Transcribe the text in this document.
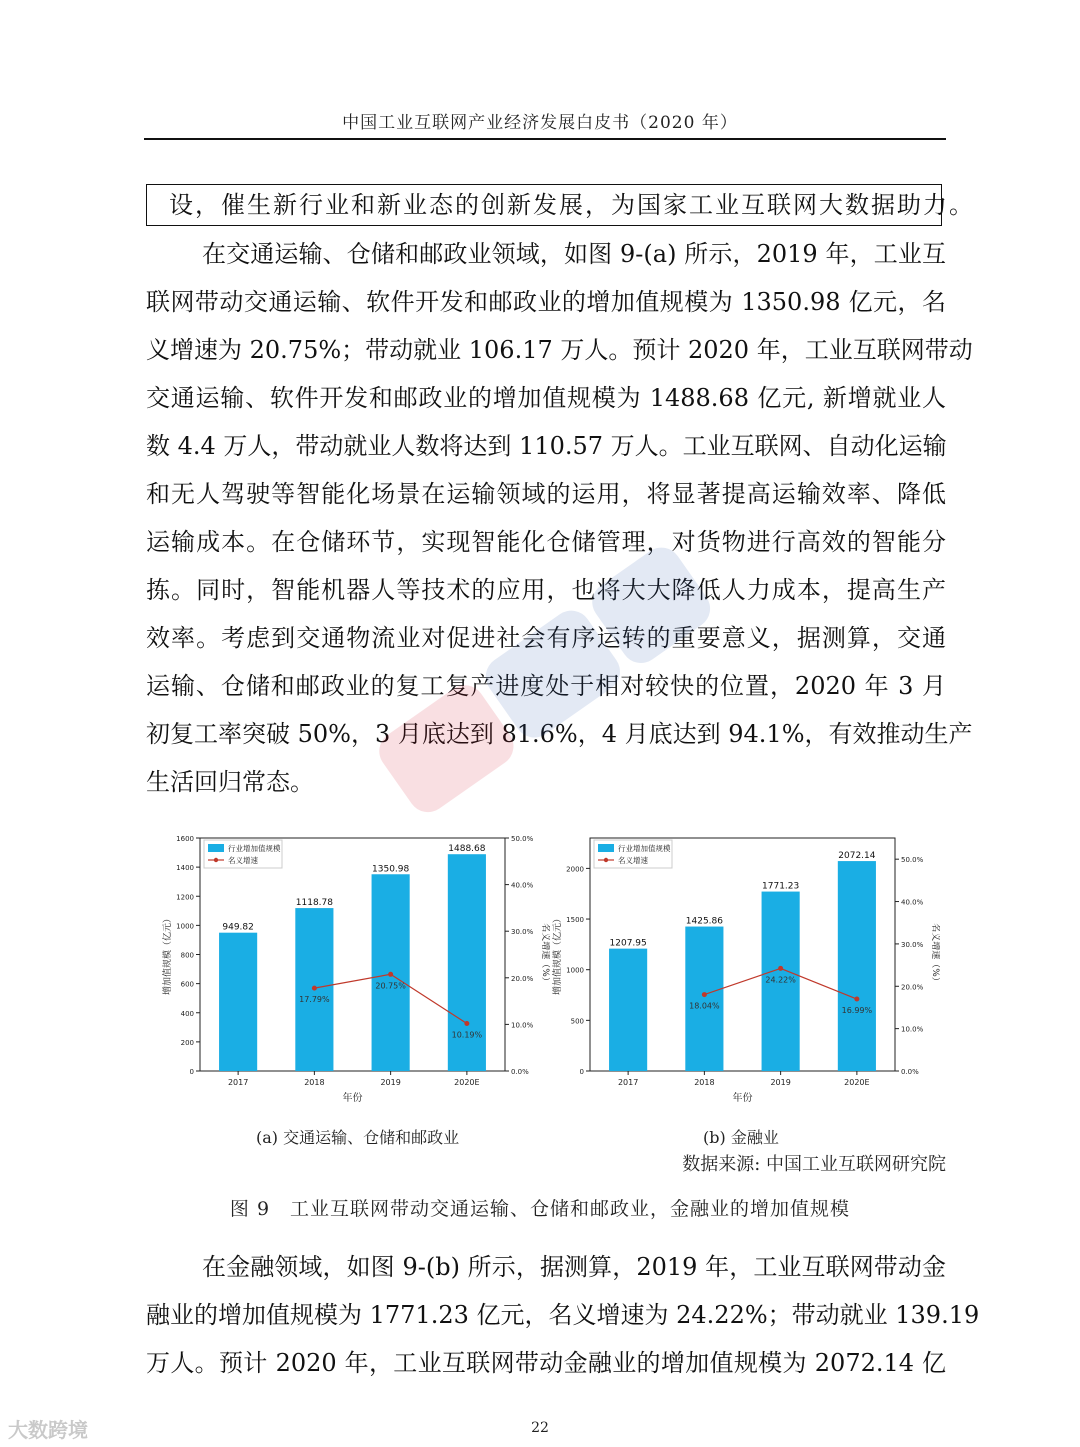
中国工业互联网产业经济发展白皮书（2020 年）
设，催生新行业和新业态的创新发展，为国家工业互联网大数据助力。
在交通运输、仓储和邮政业领域，如图 9-(a) 所示，2019 年，工业互
联网带动交通运输、软件开发和邮政业的增加值规模为 1350.98 亿元，名
义增速为 20.75%；带动就业 106.17 万人。预计 2020 年，工业互联网带动
交通运输、软件开发和邮政业的增加值规模为 1488.68 亿元, 新增就业人
数 4.4 万人，带动就业人数将达到 110.57 万人。工业互联网、自动化运输
和无人驾驶等智能化场景在运输领域的运用，将显著提高运输效率、降低
运输成本。在仓储环节，实现智能化仓储管理，对货物进行高效的智能分
拣。同时，智能机器人等技术的应用，也将大大降低人力成本，提高生产
效率。考虑到交通物流业对促进社会有序运转的重要意义，据测算，交通
运输、仓储和邮政业的复工复产进度处于相对较快的位置，2020 年 3 月
初复工率突破 50%，3 月底达到 81.6%，4 月底达到 94.1%，有效推动生产
生活回归常态。
0
200
400
600
800
1000
1200
1400
1600
0.0%
10.0%
20.0%
30.0%
40.0%
50.0%
增加值规模（亿元）	名义增速（%）
年份
949.82
2017
1118.78
2018
1350.98
2019
1488.68
2020E
17.79%
20.75%
10.19%
行业增加值规模
名义增速
0
500
1000
1500
2000
0.0%
10.0%
20.0%
30.0%
40.0%
50.0%
增加值规模（亿元）	名义增速（%）
年份
1207.95
2017
1425.86
2018
1771.23
2019
2072.14
2020E
18.04%
24.22%
16.99%
行业增加值规模
名义增速
(a) 交通运输、仓储和邮政业	(b) 金融业
数据来源: 中国工业互联网研究院
图 9　工业互联网带动交通运输、仓储和邮政业，金融业的增加值规模
在金融领域，如图 9-(b) 所示，据测算，2019 年，工业互联网带动金
融业的增加值规模为 1771.23 亿元，名义增速为 24.22%；带动就业 139.19
万人。预计 2020 年，工业互联网带动金融业的增加值规模为 2072.14 亿
大数跨境	22
